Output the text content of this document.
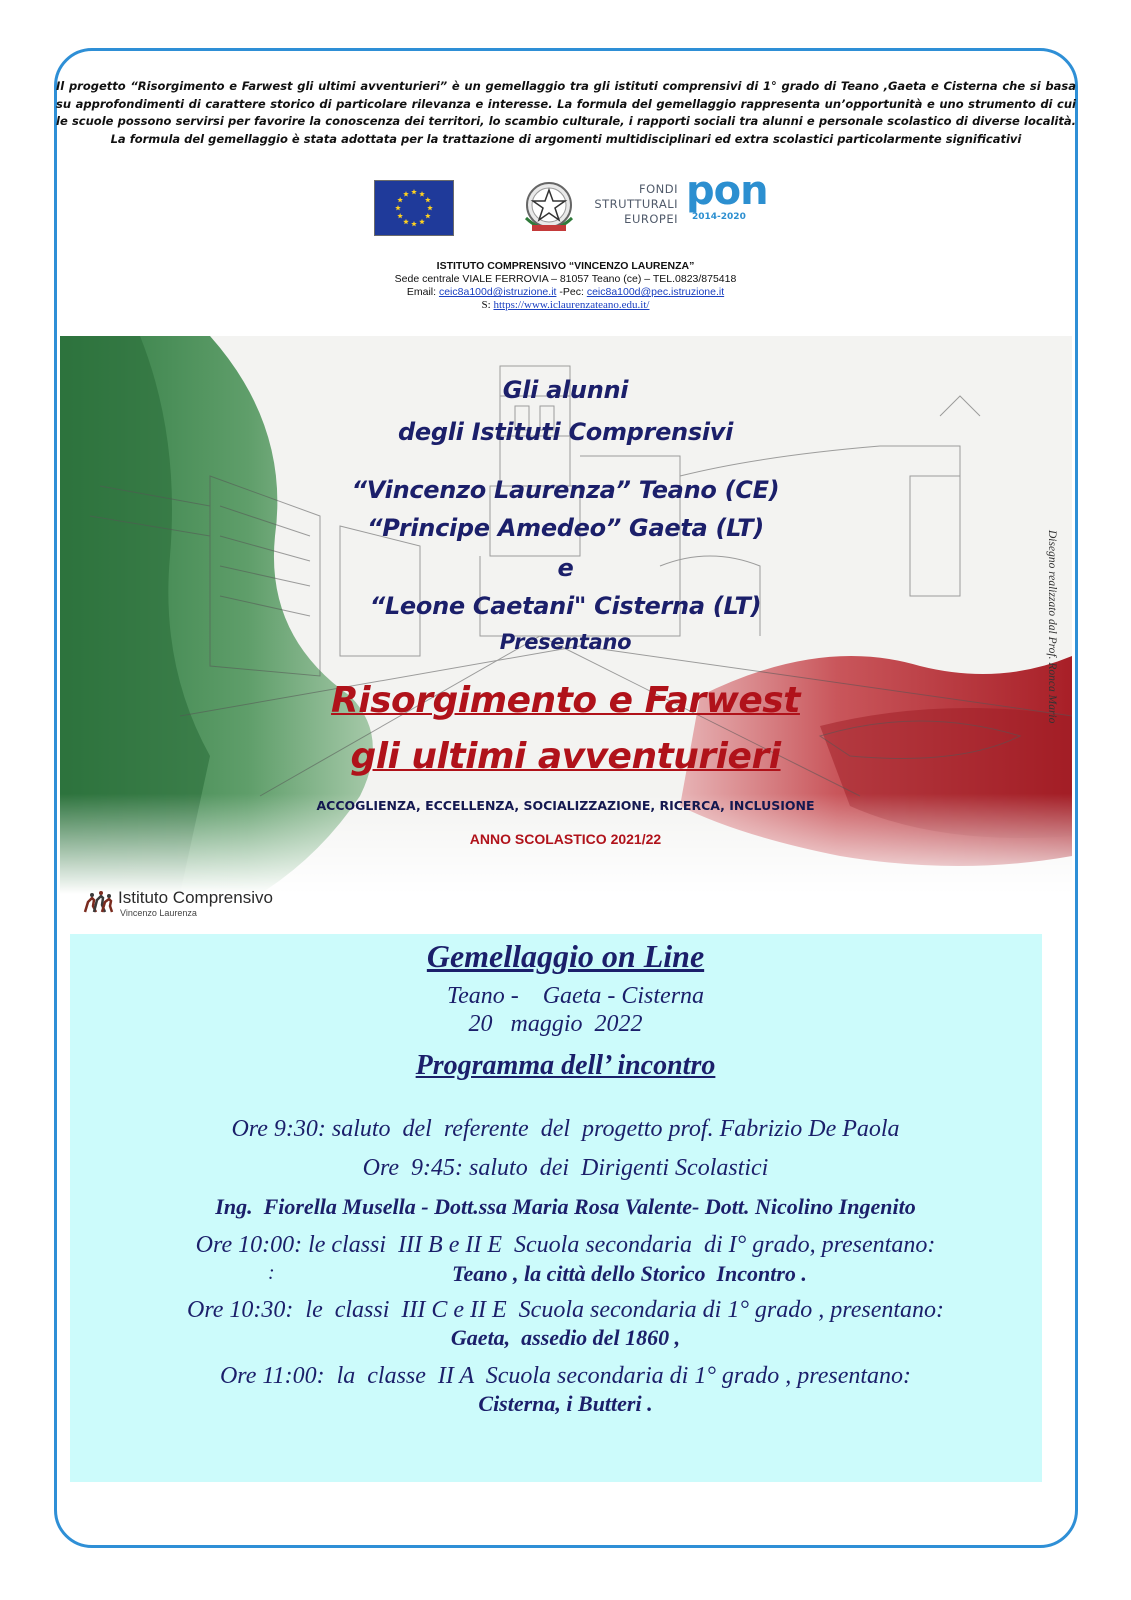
Il progetto “Risorgimento e Farwest gli ultimi avventurieri” è un gemellaggio tra gli istituti comprensivi di 1° grado di Teano ,Gaeta e Cisterna che si basa su approfondimenti di carattere storico di particolare rilevanza e interesse. La formula del gemellaggio rappresenta un’opportunità e uno strumento di cui le scuole possono servirsi per favorire la conoscenza dei territori, lo scambio culturale, i rapporti sociali tra alunni e personale scolastico di diverse località. La formula del gemellaggio è stata adottata per la trattazione di argomenti multidisciplinari ed extra scolastici particolarmente significativi

FONDI
STRUTTURALI
EUROPEI
pon
2014-2020
ISTITUTO COMPRENSIVO “VINCENZO LAURENZA”
Sede centrale VIALE FERROVIA – 81057 Teano (ce) – TEL.0823/875418
Email: ceic8a100d@istruzione.it -Pec: ceic8a100d@pec.istruzione.it
S: https://www.iclaurenzateano.edu.it/
Gli alunni
degli Istituti Comprensivi
“Vincenzo Laurenza” Teano (CE)
“Principe Amedeo” Gaeta (LT)
e
“Leone Caetani" Cisterna (LT)
Presentano
Risorgimento e Farwest
gli ultimi avventurieri
ACCOGLIENZA, ECCELLENZA, SOCIALIZZAZIONE, RICERCA, INCLUSIONE
ANNO SCOLASTICO 2021/22
Disegno realizzato dal Prof. Ronca Mario
Istituto Comprensivo
Vincenzo Laurenza
Gemellaggio on Line
Teano -    Gaeta - Cisterna
20   maggio  2022
Programma dell’ incontro
Ore 9:30: saluto  del  referente  del  progetto prof. Fabrizio De Paola
Ore  9:45: saluto  dei  Dirigenti Scolastici
Ing.  Fiorella Musella - Dott.ssa Maria Rosa Valente- Dott. Nicolino Ingenito
Ore 10:00: le classi  III B e II E  Scuola secondaria  di I° grado, presentano:
:	Teano , la città dello Storico  Incontro .
Ore 10:30:  le  classi  III C e II E  Scuola secondaria di 1° grado , presentano:
Gaeta,  assedio del 1860 ,
Ore 11:00:  la  classe  II A  Scuola secondaria di 1° grado , presentano:
Cisterna, i Butteri .
